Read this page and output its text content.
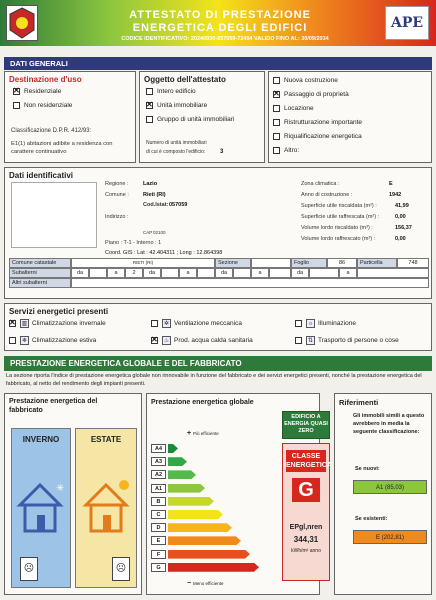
ATTESTATO DI PRESTAZIONE
ENERGETICA DEGLI EDIFICI
CODICE IDENTIFICATIVO: 20240930-057059-72494 VALIDO FINO AL: 30/09/2034
APE
DATI GENERALI
Destinazione d'uso
✕Residenziale
Non residenziale
Classificazione D.P.R. 412/93:
E1(1) abitazioni adibite a residenza con carattere continuativo
Oggetto dell'attestato
Intero edificio
✕Unità immobiliare
Gruppo di unità immobiliari
Numero di unità immobiliari
di cui è composto l'edificio: 3
Nuova costruzione
✕Passaggio di proprietà
Locazione
Ristrutturazione importante
Riqualificazione energetica
Altro:
Dati identificativi
Regione :	Lazio
Comune :	Rieti (RI)
Cod.Istat: 057059
Indirizzo :
CAP 02100
Piano : T-1 - Interno : 1
Coord. GIS : Lat : 42.404311 ; Long : 12.864398
Zona climatica :	E
Anno di costruzione :	1942
Superficie utile riscaldata (m²) :	41,99
Superficie utile raffrescata (m²) :	0,00
Volume lordo riscaldato (m³) :	156,37
Volume lordo raffrescato (m³) :	0,00
Comune catastale	RIETI (RI)	Sezione	Foglio	86	Particella	748
Subalterni	da	a	2	da	a	da	a	da	a
Altri subalterni
Servizi energetici presenti
✕▥ Climatizzazione invernale	✲ Ventilazione meccanica	☼ Illuminazione
❄ Climatizzazione estiva
✕	♨ Prod. acqua calda sanitaria	⇅ Trasporto di persone o cose
PRESTAZIONE ENERGETICA GLOBALE E DEL FABBRICATO
La sezione riporta l'indice di prestazione energetica globale non rinnovabile in funzione del fabbricato e dei servizi energetici presenti, nonché la prestazione energetica del fabbricato, al netto del rendimento degli impianti presenti.
Prestazione energetica del fabbricato
INVERNO
✳
☹
ESTATE
☹
Prestazione energetica globale
+ Più efficiente
A4
A3
A2
A1
B
C
D
E
F
G
− Meno efficiente
EDIFICIO A ENERGIA QUASI ZERO
CLASSE ENERGETICA
G
EPgl,nren
344,31
kWh/m² anno
Riferimenti
Gli immobili simili a questo avrebbero in media la seguente classificazione:
Se nuovi:
A1 (85,03)
Se esistenti:
E (202,81)
